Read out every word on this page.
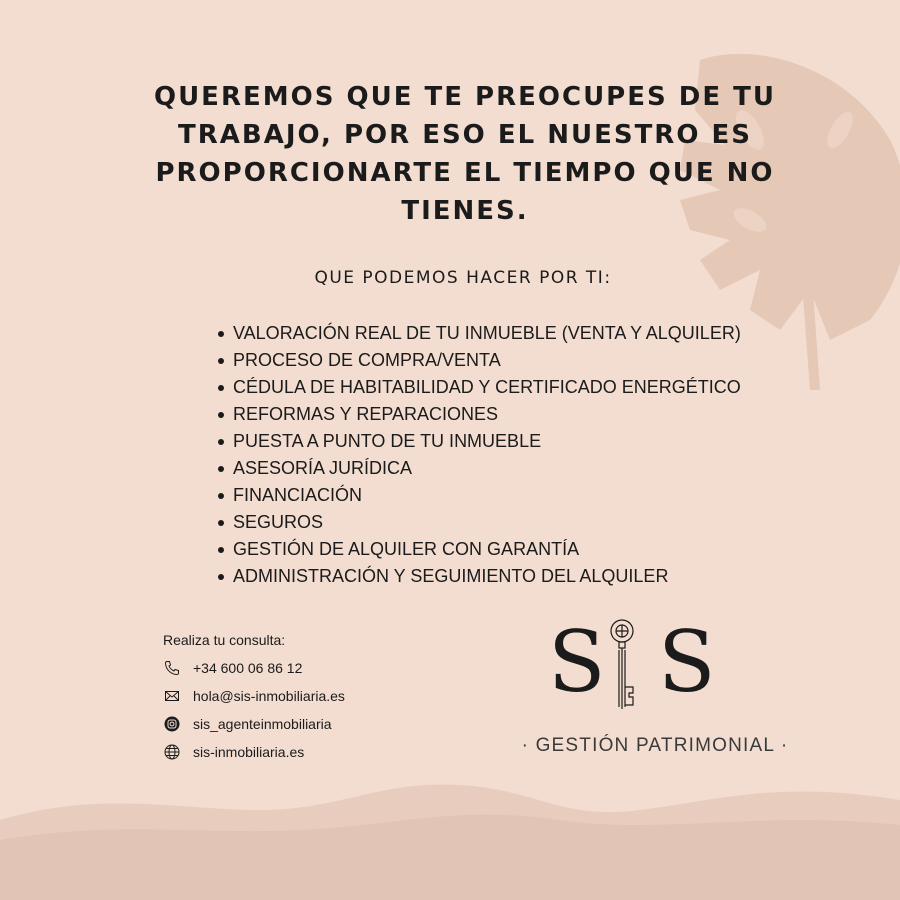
QUEREMOS QUE TE PREOCUPES DE TU TRABAJO, POR ESO EL NUESTRO ES PROPORCIONARTE EL TIEMPO QUE NO TIENES.
QUE PODEMOS HACER POR TI:
VALORACIÓN REAL DE TU INMUEBLE (VENTA Y ALQUILER)
PROCESO DE COMPRA/VENTA
CÉDULA DE HABITABILIDAD Y CERTIFICADO ENERGÉTICO
REFORMAS Y REPARACIONES
PUESTA A PUNTO DE TU INMUEBLE
ASESORÍA JURÍDICA
FINANCIACIÓN
SEGUROS
GESTIÓN DE ALQUILER CON GARANTÍA
ADMINISTRACIÓN Y SEGUIMIENTO DEL ALQUILER
Realiza tu consulta:
+34 600 06 86 12
hola@sis-inmobiliaria.es
sis_agenteinmobiliaria
sis-inmobiliaria.es
S S
· GESTIÓN PATRIMONIAL ·
